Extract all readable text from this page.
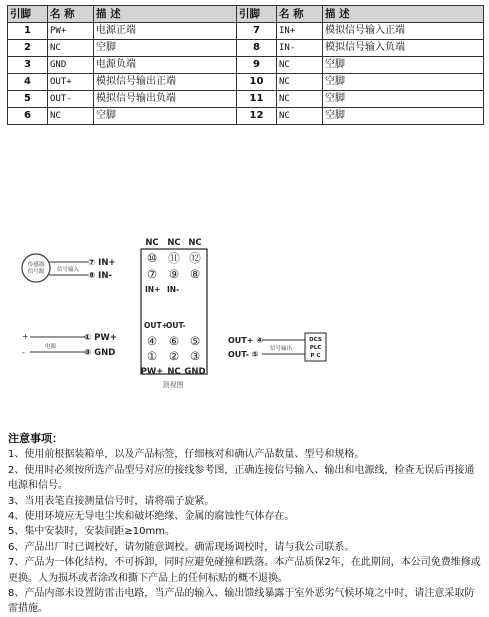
引脚	名 称	描 述	引脚	名 称	描 述
1	PW+	电源正端	7	IN+	模拟信号输入正端
2	NC	空脚	8	IN-	模拟信号输入负端
3	GND	电源负端	9	NC	空脚
4	OUT+	模拟信号输出正端	10	NC	空脚
5	OUT-	模拟信号输出负端	11	NC	空脚
6	NC	空脚	12	NC	空脚
NC NC NC
⑩ ⑪ ⑫
⑦ ⑨ ⑧
④ ⑥ ⑤
① ② ③
IN+ IN-
OUT+
OUT-
PW+ NC GND
顶视图
传感器
信号源 信号输入
⑦ IN+
⑧ IN-
+
-
电源
① PW+
③ GND
OUT+ ④
OUT- ⑤
信号输出
DCS
PLC
P C
注意事项：

1、使用前根据装箱单，以及产品标签，仔细核对和确认产品数量、型号和规格。

2、使用时必须按所选产品型号对应的接线参考图，正确连接信号输入、输出和电源线，检查无误后再接通电源和信号。

3、当用表笔直接测量信号时，请将端子旋紧。

4、使用环境应无导电尘埃和破坏绝缘、金属的腐蚀性气体存在。

5、集中安装时，安装间距≥10mm。

6、产品出厂时已调校好，请勿随意调校。确需现场调校时，请与我公司联系。

7、产品为一体化结构，不可拆卸，同时应避免碰撞和跌落。本产品质保2年，在此期间，本公司免费维修或更换。人为损坏或者涂改和撕下产品上的任何标贴的概不退换。

8、产品内部未设置防雷击电路，当产品的输入、输出馈线暴露于室外恶劣气候环境之中时，请注意采取防雷措施。
